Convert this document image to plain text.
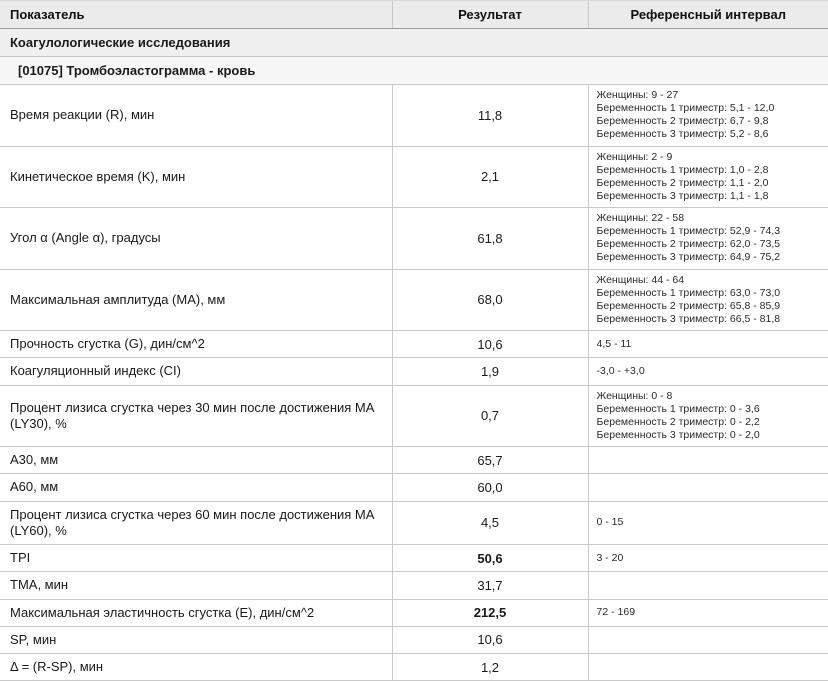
Показатель	Результат	Референсный интервал
Коагулологические исследования		
[01075] Тромбоэластограмма - кровь		
Время реакции (R), мин	11,8	Женщины: 9 - 27
Беременность 1 триместр: 5,1 - 12,0
Беременность 2 триместр: 6,7 - 9,8
Беременность 3 триместр: 5,2 - 8,6

Кинетическое время (K), мин	2,1	Женщины: 2 - 9
Беременность 1 триместр: 1,0 - 2,8
Беременность 2 триместр: 1,1 - 2,0
Беременность 3 триместр: 1,1 - 1,8

Угол α (Angle α), градусы	61,8	Женщины: 22 - 58
Беременность 1 триместр: 52,9 - 74,3
Беременность 2 триместр: 62,0 - 73,5
Беременность 3 триместр: 64,9 - 75,2

Максимальная амплитуда (MA), мм	68,0	Женщины: 44 - 64
Беременность 1 триместр: 63,0 - 73,0
Беременность 2 триместр: 65,8 - 85,9
Беременность 3 триместр: 66,5 - 81,8

Прочность сгустка (G), дин/см^2	10,6	4,5 - 11

Коагуляционный индекс (CI)	1,9	-3,0 - +3,0

Процент лизиса сгустка через 30 мин после достижения MA (LY30), %	0,7	Женщины: 0 - 8
Беременность 1 триместр: 0 - 3,6
Беременность 2 триместр: 0 - 2,2
Беременность 3 триместр: 0 - 2,0

A30, мм	65,7	
A60, мм	60,0	
Процент лизиса сгустка через 60 мин после достижения MA (LY60), %	4,5	0 - 15

TPI	50,6	3 - 20

TMA, мин	31,7	
Максимальная эластичность сгустка (E), дин/см^2	212,5	72 - 169

SP, мин	10,6	
Δ = (R-SP), мин	1,2	
